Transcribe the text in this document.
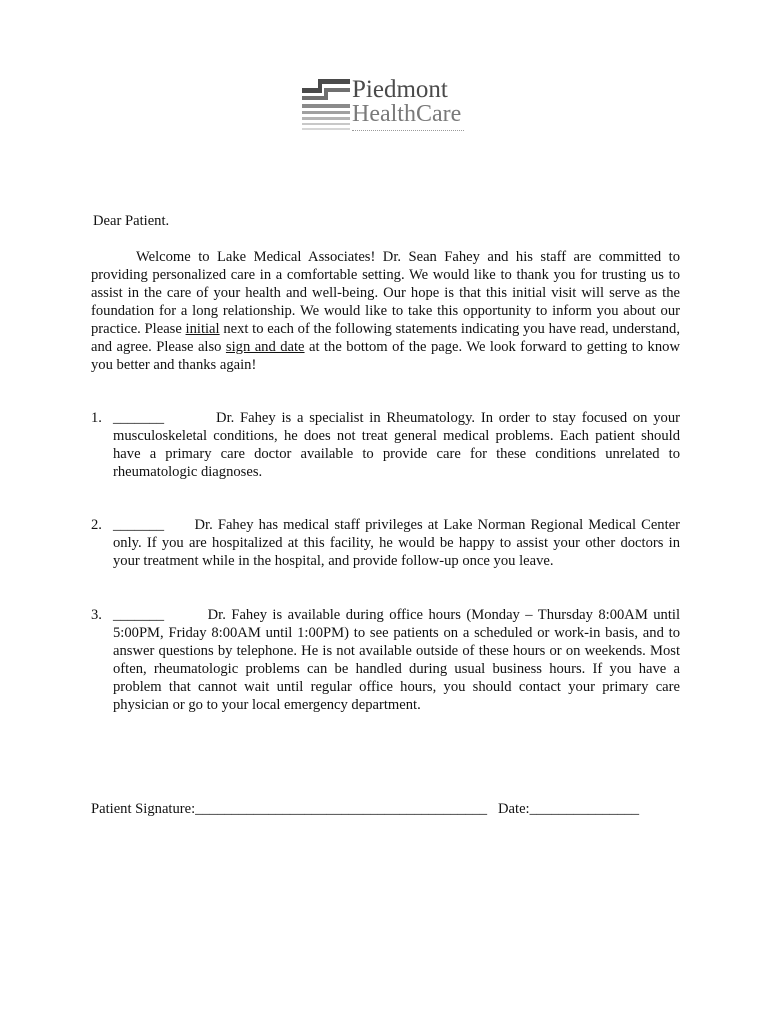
Piedmont
HealthCare

Dear Patient.

Welcome to Lake Medical Associates! Dr. Sean Fahey and his staff are committed to providing personalized care in a comfortable setting. We would like to thank you for trusting us to assist in the care of your health and well-being. Our hope is that this initial visit will serve as the foundation for a long relationship. We would like to take this opportunity to inform you about our practice. Please initial next to each of the following statements indicating you have read, understand, and agree. Please also sign and date at the bottom of the page. We look forward to getting to know you better and thanks again!

1. _______	Dr. Fahey is a specialist in Rheumatology. In order to stay focused on your musculoskeletal conditions, he does not treat general medical problems. Each patient should have a primary care doctor available to provide care for these conditions unrelated to rheumatologic diagnoses.
2. _______ Dr. Fahey has medical staff privileges at Lake Norman Regional Medical Center only. If you are hospitalized at this facility, he would be happy to assist your other doctors in your treatment while in the hospital, and provide follow-up once you leave.
3. _______	Dr. Fahey is available during office hours (Monday – Thursday 8:00AM until 5:00PM, Friday 8:00AM until 1:00PM) to see patients on a scheduled or work-in basis, and to answer questions by telephone. He is not available outside of these hours or on weekends. Most often, rheumatologic problems can be handled during usual business hours. If you have a problem that cannot wait until regular office hours, you should contact your primary care physician or go to your local emergency department.
Patient Signature:________________________________________ Date:_______________
